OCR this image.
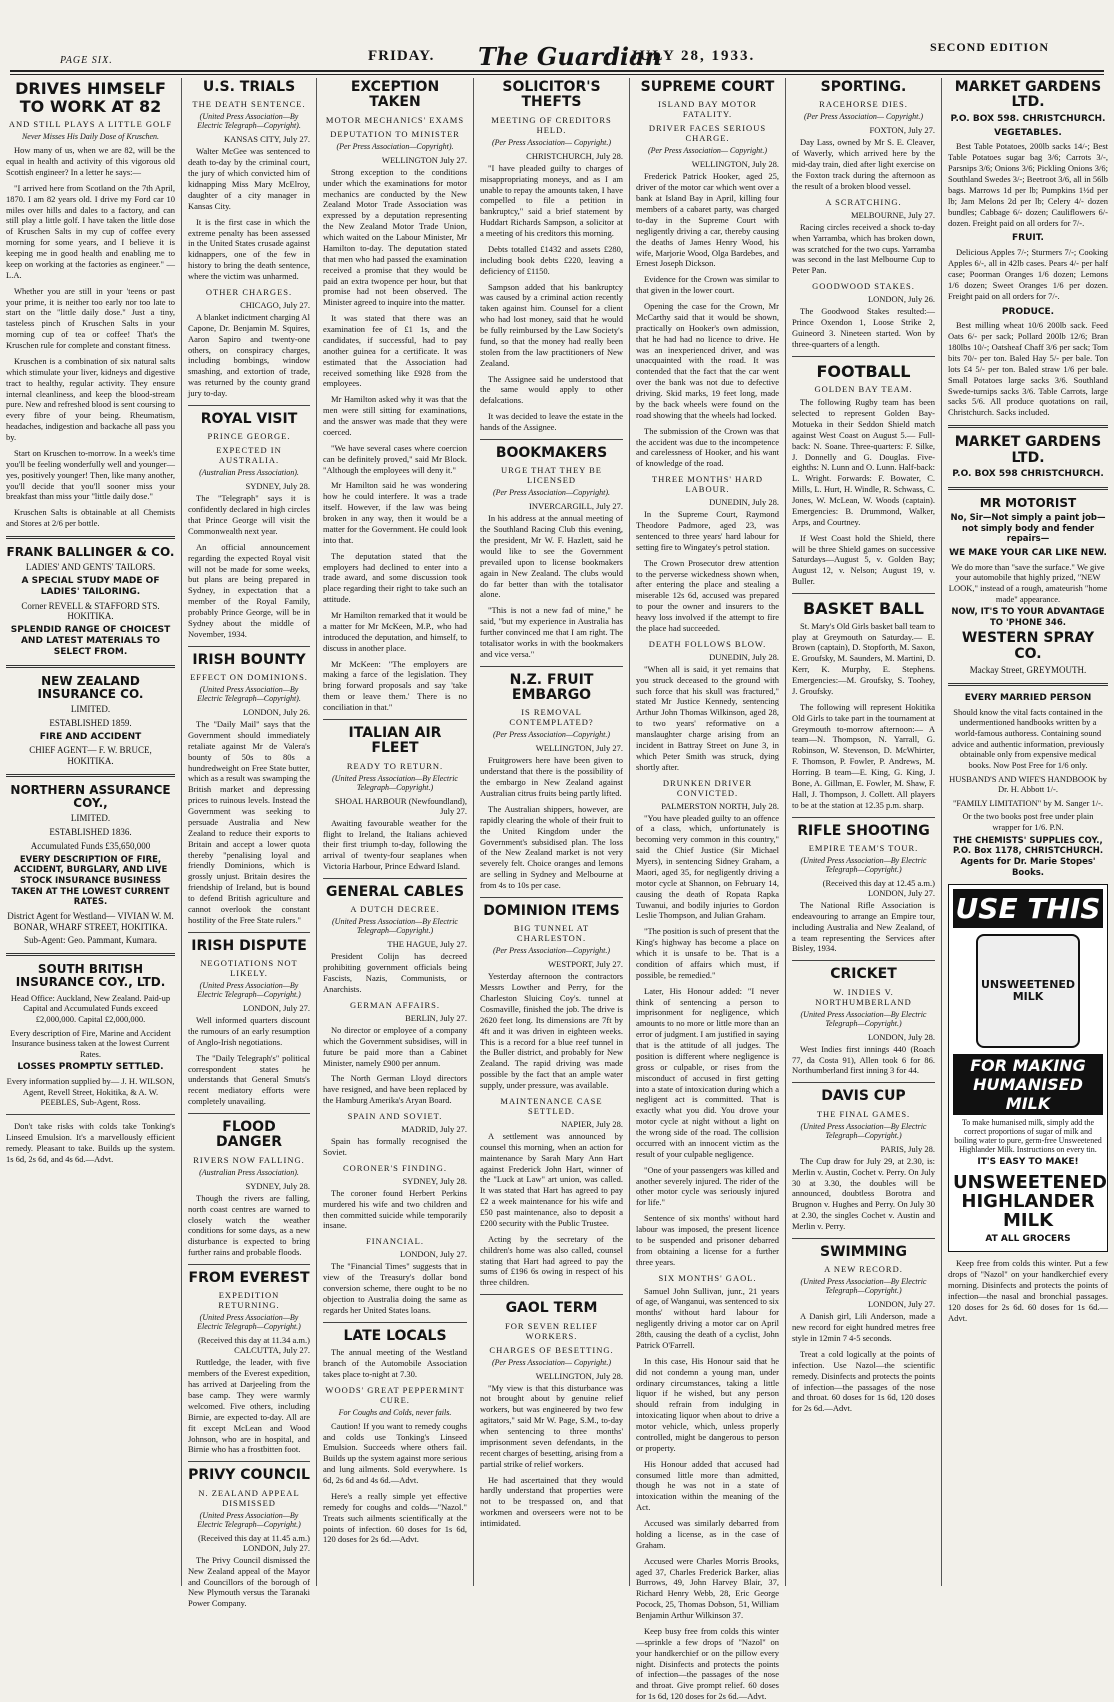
PAGE SIX.	FRIDAY. The Guardian
JULY 28, 1933.
SECOND EDITION
DRIVES HIMSELF TO WORK AT 82
AND STILL PLAYS A LITTLE GOLF
Never Misses His Daily Dose of Kruschen.

How many of us, when we are 82, will be the equal in health and activity of this vigorous old Scottish engineer? In a letter he says:—

"I arrived here from Scotland on the 7th April, 1870. I am 82 years old. I drive my Ford car 10 miles over hills and dales to a factory, and can still play a little golf. I have taken the little dose of Kruschen Salts in my cup of coffee every morning for some years, and I believe it is keeping me in good health and enabling me to keep on working at the factories as engineer." —L.A.

Whether you are still in your 'teens or past your prime, it is neither too early nor too late to start on the "little daily dose." Just a tiny, tasteless pinch of Kruschen Salts in your morning cup of tea or coffee! That's the Kruschen rule for complete and constant fitness.

Kruschen is a combination of six natural salts which stimulate your liver, kidneys and digestive tract to healthy, regular activity. They ensure internal cleanliness, and keep the blood-stream pure. New and refreshed blood is sent coursing to every fibre of your being. Rheumatism, headaches, indigestion and backache all pass you by.

Start on Kruschen to-morrow. In a week's time you'll be feeling wonderfully well and younger—yes, positively younger! Then, like many another, you'll decide that you'll sooner miss your breakfast than miss your "little daily dose."

Kruschen Salts is obtainable at all Chemists and Stores at 2/6 per bottle.

FRANK BALLINGER & CO.
LADIES' AND GENTS' TAILORS.
A SPECIAL STUDY MADE OF LADIES' TAILORING.
Corner REVELL & STAFFORD STS. HOKITIKA.
SPLENDID RANGE OF CHOICEST AND LATEST MATERIALS TO SELECT FROM.
NEW ZEALAND INSURANCE CO.
LIMITED.
ESTABLISHED 1859.
FIRE AND ACCIDENT
CHIEF AGENT— F. W. BRUCE, HOKITIKA.
NORTHERN ASSURANCE COY.,
LIMITED.
ESTABLISHED 1836.
Accumulated Funds £35,650,000
EVERY DESCRIPTION OF FIRE, ACCIDENT, BURGLARY, AND LIVE STOCK INSURANCE BUSINESS TAKEN AT THE LOWEST CURRENT RATES.
District Agent for Westland— VIVIAN W. M. BONAR, WHARF STREET, HOKITIKA.
Sub-Agent: Geo. Pammant, Kumara.
SOUTH BRITISH INSURANCE COY., LTD.
Head Office: Auckland, New Zealand. Paid-up Capital and Accumulated Funds exceed £2,000,000. Capital £2,000,000.
Every description of Fire, Marine and Accident Insurance business taken at the lowest Current Rates.
LOSSES PROMPTLY SETTLED.
Every information supplied by— J. H. WILSON, Agent, Revell Street, Hokitika, & A. W. PEEBLES, Sub-Agent, Ross.

Don't take risks with colds take Tonking's Linseed Emulsion. It's a marvellously efficient remedy. Pleasant to take. Builds up the system. 1s 6d, 2s 6d, and 4s 6d.—Advt.

U.S. TRIALS
THE DEATH SENTENCE.
(United Press Association—By Electric Telegraph—Copyright).
KANSAS CITY, July 27.

Walter McGee was sentenced to death to-day by the criminal court, the jury of which convicted him of kidnapping Miss Mary McElroy, daughter of a city manager in Kansas City.

It is the first case in which the extreme penalty has been assessed in the United States crusade against kidnappers, one of the few in history to bring the death sentence, where the victim was unharmed.

OTHER CHARGES.
CHICAGO, July 27.

A blanket indictment charging Al Capone, Dr. Benjamin M. Squires, Aaron Sapiro and twenty-one others, on conspiracy charges, including bombings, window smashing, and extortion of trade, was returned by the county grand jury to-day.

ROYAL VISIT
PRINCE GEORGE.
EXPECTED IN AUSTRALIA.
(Australian Press Association).
SYDNEY, July 28.

The "Telegraph" says it is confidently declared in high circles that Prince George will visit the Commonwealth next year.

An official announcement regarding the expected Royal visit will not be made for some weeks, but plans are being prepared in Sydney, in expectation that a member of the Royal Family, probably Prince George, will be in Sydney about the middle of November, 1934.

IRISH BOUNTY
EFFECT ON DOMINIONS.
(United Press Association—By Electric Telegraph—Copyright).
LONDON, July 26.

The "Daily Mail" says that the Government should immediately retaliate against Mr de Valera's bounty of 50s to 80s a hundredweight on Free State butter, which as a result was swamping the British market and depressing prices to ruinous levels. Instead the Government was seeking to persuade Australia and New Zealand to reduce their exports to Britain and accept a lower quota thereby "penalising loyal and friendly Dominions, which is grossly unjust. Britain desires the friendship of Ireland, but is bound to defend British agriculture and cannot overlook the constant hostility of the Free State rulers."

IRISH DISPUTE
NEGOTIATIONS NOT LIKELY.
(United Press Association—By Electric Telegraph—Copyright.)
LONDON, July 27.

Well informed quarters discount the rumours of an early resumption of Anglo-Irish negotiations.

The "Daily Telegraph's" political correspondent states he understands that General Smuts's recent mediatory efforts were completely unavailing.

FLOOD DANGER
RIVERS NOW FALLING.
(Australian Press Association).
SYDNEY, July 28.

Though the rivers are falling, north coast centres are warned to closely watch the weather conditions for some days, as a new disturbance is expected to bring further rains and probable floods.

FROM EVEREST
EXPEDITION RETURNING.
(United Press Association—By Electric Telegraph—Copyright.)
(Received this day at 11.34 a.m.) CALCUTTA, July 27.

Ruttledge, the leader, with five members of the Everest expedition, has arrived at Darjeeling from the base camp. They were warmly welcomed. Five others, including Birnie, are expected to-day. All are fit except McLean and Wood Johnson, who are in hospital, and Birnie who has a frostbitten foot.

PRIVY COUNCIL
N. ZEALAND APPEAL DISMISSED
(United Press Association—By Electric Telegraph—Copyright.)
(Received this day at 11.45 a.m.) LONDON, July 27.

The Privy Council dismissed the New Zealand appeal of the Mayor and Councillors of the borough of New Plymouth versus the Taranaki Power Company.

EXCEPTION TAKEN
MOTOR MECHANICS' EXAMS
DEPUTATION TO MINISTER
(Per Press Association—Copyright).
WELLINGTON July 27.

Strong exception to the conditions under which the examinations for motor mechanics are conducted by the New Zealand Motor Trade Association was expressed by a deputation representing the New Zealand Motor Trade Union, which waited on the Labour Minister, Mr Hamilton to-day. The deputation stated that men who had passed the examination received a promise that they would be paid an extra twopence per hour, but that promise had not been observed. The Minister agreed to inquire into the matter.

It was stated that there was an examination fee of £1 1s, and the candidates, if successful, had to pay another guinea for a certificate. It was estimated that the Association had received something like £928 from the employees.

Mr Hamilton asked why it was that the men were still sitting for examinations, and the answer was made that they were coerced.

"We have several cases where coercion can be definitely proved," said Mr Block. "Although the employees will deny it."

Mr Hamilton said he was wondering how he could interfere. It was a trade itself. However, if the law was being broken in any way, then it would be a matter for the Government. He could look into that.

The deputation stated that the employers had declined to enter into a trade award, and some discussion took place regarding their right to take such an attitude.

Mr Hamilton remarked that it would be a matter for Mr McKeen, M.P., who had introduced the deputation, and himself, to discuss in another place.

Mr McKeen: "The employers are making a farce of the legislation. They bring forward proposals and say 'take them or leave them.' There is no conciliation in that."

ITALIAN AIR FLEET
READY TO RETURN.
(United Press Association—By Electric Telegraph—Copyright.)
SHOAL HARBOUR (Newfoundland), July 27.

Awaiting favourable weather for the flight to Ireland, the Italians achieved their first triumph to-day, following the arrival of twenty-four seaplanes when Victoria Harbour, Prince Edward Island.

GENERAL CABLES
A DUTCH DECREE.
(United Press Association—By Electric Telegraph—Copyright.)
THE HAGUE, July 27.

President Colijn has decreed prohibiting government officials being Fascists, Nazis, Communists, or Anarchists.

GERMAN AFFAIRS.
BERLIN, July 27.

No director or employee of a company which the Government subsidises, will in future be paid more than a Cabinet Minister, namely £900 per annum.

The North German Lloyd directors have resigned, and have been replaced by the Hamburg Amerika's Aryan Board.

SPAIN AND SOVIET.
MADRID, July 27.

Spain has formally recognised the Soviet.

CORONER'S FINDING.
SYDNEY, July 28.

The coroner found Herbert Perkins murdered his wife and two children and then committed suicide while temporarily insane.

FINANCIAL.
LONDON, July 27.

The "Financial Times" suggests that in view of the Treasury's dollar bond conversion scheme, there ought to be no objection to Australia doing the same as regards her United States loans.

LATE LOCALS

The annual meeting of the Westland branch of the Automobile Association takes place to-night at 7.30.

WOODS' GREAT PEPPERMINT CURE.
For Coughs and Colds, never fails.

Caution! If you want to remedy coughs and colds use Tonking's Linseed Emulsion. Succeeds where others fail. Builds up the system against more serious and lung ailments. Sold everywhere. 1s 6d, 2s 6d and 4s 6d.—Advt.

Here's a really simple yet effective remedy for coughs and colds—"Nazol." Treats such ailments scientifically at the points of infection. 60 doses for 1s 6d, 120 doses for 2s 6d.—Advt.

SOLICITOR'S THEFTS
MEETING OF CREDITORS HELD.
(Per Press Association— Copyright.)
CHRISTCHURCH, July 28.

"I have pleaded guilty to charges of misappropriating moneys, and as I am unable to repay the amounts taken, I have compelled to file a petition in bankruptcy," said a brief statement by Huddart Richards Sampson, a solicitor at a meeting of his creditors this morning.

Debts totalled £1432 and assets £280, including book debts £220, leaving a deficiency of £1150.

Sampson added that his bankruptcy was caused by a criminal action recently taken against him. Counsel for a client who had lost money, said that he would be fully reimbursed by the Law Society's fund, so that the money had really been stolen from the law practitioners of New Zealand.

The Assignee said he understood that the same would apply to other defalcations.

It was decided to leave the estate in the hands of the Assignee.

BOOKMAKERS
URGE THAT THEY BE LICENSED
(Per Press Association—Copyright).
INVERCARGILL, July 27.

In his address at the annual meeting of the Southland Racing Club this evening, the president, Mr W. F. Hazlett, said he would like to see the Government prevailed upon to license bookmakers again in New Zealand. The clubs would do far better than with the totalisator alone.

"This is not a new fad of mine," he said, "but my experience in Australia has further convinced me that I am right. The totalisator works in with the bookmakers and vice versa."

N.Z. FRUIT EMBARGO
IS REMOVAL CONTEMPLATED?
(Per Press Association—Copyright.)
WELLINGTON, July 27.

Fruitgrowers here have been given to understand that there is the possibility of the embargo in New Zealand against Australian citrus fruits being partly lifted.

The Australian shippers, however, are rapidly clearing the whole of their fruit to the United Kingdom under the Government's subsidised plan. The loss of the New Zealand market is not very severely felt. Choice oranges and lemons are selling in Sydney and Melbourne at from 4s to 10s per case.

DOMINION ITEMS
BIG TUNNEL AT CHARLESTON.
(Per Press Association—Copyright.)
WESTPORT, July 27.

Yesterday afternoon the contractors Messrs Lowther and Perry, for the Charleston Sluicing Coy's. tunnel at Cosmaville, finished the job. The drive is 2620 feet long. Its dimensions are 7ft by 4ft and it was driven in eighteen weeks. This is a record for a blue reef tunnel in the Buller district, and probably for New Zealand. The rapid driving was made possible by the fact that an ample water supply, under pressure, was available.

MAINTENANCE CASE SETTLED.
NAPIER, July 28.

A settlement was announced by counsel this morning, when an action for maintenance by Sarah Mary Ann Hart against Frederick John Hart, winner of the "Luck at Law" art union, was called. It was stated that Hart has agreed to pay £2 a week maintenance for his wife and £50 past maintenance, also to deposit a £200 security with the Public Trustee.

Acting by the secretary of the children's home was also called, counsel stating that Hart had agreed to pay the sums of £196 6s owing in respect of his three children.

GAOL TERM
FOR SEVEN RELIEF WORKERS.
CHARGES OF BESETTING.
(Per Press Association— Copyright.)
WELLINGTON, July 28.

"My view is that this disturbance was not brought about by genuine relief workers, but was engineered by two few agitators," said Mr W. Page, S.M., to-day when sentencing to three months' imprisonment seven defendants, in the recent charges of besetting, arising from a partial strike of relief workers.

He had ascertained that they would hardly understand that properties were not to be trespassed on, and that workmen and overseers were not to be intimidated.

SUPREME COURT
ISLAND BAY MOTOR FATALITY.
DRIVER FACES SERIOUS CHARGE.
(Per Press Association— Copyright.)
WELLINGTON, July 28.

Frederick Patrick Hooker, aged 25, driver of the motor car which went over a bank at Island Bay in April, killing four members of a cabaret party, was charged to-day in the Supreme Court with negligently driving a car, thereby causing the deaths of James Henry Wood, his wife, Marjorie Wood, Olga Bardebes, and Ernest Joseph Dickson.

Evidence for the Crown was similar to that given in the lower court.

Opening the case for the Crown, Mr McCarthy said that it would be shown, practically on Hooker's own admission, that he had had no licence to drive. He was an inexperienced driver, and was unacquainted with the road. It was contended that the fact that the car went over the bank was not due to defective driving. Skid marks, 19 feet long, made by the back wheels were found on the road showing that the wheels had locked.

The submission of the Crown was that the accident was due to the incompetence and carelessness of Hooker, and his want of knowledge of the road.

THREE MONTHS' HARD LABOUR.
DUNEDIN, July 28.

In the Supreme Court, Raymond Theodore Padmore, aged 23, was sentenced to three years' hard labour for setting fire to Wingatey's petrol station.

The Crown Prosecutor drew attention to the perverse wickedness shown when, after entering the place and stealing a miserable 12s 6d, accused was prepared to pour the owner and insurers to the heavy loss involved if the attempt to fire the place had succeeded.

DEATH FOLLOWS BLOW.
DUNEDIN, July 28.

"When all is said, it yet remains that you struck deceased to the ground with such force that his skull was fractured," stated Mr Justice Kennedy, sentencing Arthur John Thomas Wilkinson, aged 28, to two years' reformative on a manslaughter charge arising from an incident in Battray Street on June 3, in which Peter Smith was struck, dying shortly after.

DRUNKEN DRIVER CONVICTED.
PALMERSTON NORTH, July 28.

"You have pleaded guilty to an offence of a class, which, unfortunately is becoming very common in this country," said the Chief Justice (Sir Michael Myers), in sentencing Sidney Graham, a Maori, aged 35, for negligently driving a motor cycle at Shannon, on February 14, causing the death of Ropata Rapka Tuwanui, and bodily injuries to Gordon Leslie Thompson, and Julian Graham.

"The position is such of present that the King's highway has become a place on which it is unsafe to be. That is a condition of affairs which must, if possible, be remedied."

Later, His Honour added: "I never think of sentencing a person to imprisonment for negligence, which amounts to no more or little more than an error of judgment. I am justified in saying that is the attitude of all judges. The position is different where negligence is gross or culpable, or rises from the misconduct of accused in first getting into a state of intoxication during which a negligent act is committed. That is exactly what you did. You drove your motor cycle at night without a light on the wrong side of the road. The collision occurred with an innocent victim as the result of your culpable negligence.

"One of your passengers was killed and another severely injured. The rider of the other motor cycle was seriously injured for life."

Sentence of six months' without hard labour was imposed, the present licence to be suspended and prisoner debarred from obtaining a license for a further three years.

SIX MONTHS' GAOL.

Samuel John Sullivan, junr., 21 years of age, of Wanganui, was sentenced to six months' without hard labour for negligently driving a motor car on April 28th, causing the death of a cyclist, John Patrick O'Farrell.

In this case, His Honour said that he did not condemn a young man, under ordinary circumstances, taking a little liquor if he wished, but any person should refrain from indulging in intoxicating liquor when about to drive a motor vehicle, which, unless properly controlled, might be dangerous to person or property.

His Honour added that accused had consumed little more than admitted, though he was not in a state of intoxication within the meaning of the Act.

Accused was similarly debarred from holding a license, as in the case of Graham.

Accused were Charles Morris Brooks, aged 37, Charles Frederick Barker, alias Burrows, 49, John Harvey Blair, 37, Richard Henry Webb, 28, Eric George Pocock, 25, Thomas Dobson, 51, William Benjamin Arthur Wilkinson 37.

Keep busy free from colds this winter—sprinkle a few drops of "Nazol" on your handkerchief or on the pillow every night. Disinfects and protects the points of infection—the passages of the nose and throat. Give prompt relief. 60 doses for 1s 6d, 120 doses for 2s 6d.—Advt.

SPORTING.
RACEHORSE DIES.
(Per Press Association— Copyright.)
FOXTON, July 27.

Day Lass, owned by Mr S. E. Cleaver, of Waverly, which arrived here by the mid-day train, died after light exercise on the Foxton track during the afternoon as the result of a broken blood vessel.

A SCRATCHING.
MELBOURNE, July 27.

Racing circles received a shock to-day when Yarramba, which has broken down, was scratched for the two cups. Yarramba was second in the last Melbourne Cup to Peter Pan.

GOODWOOD STAKES.
LONDON, July 26.

The Goodwood Stakes resulted:— Prince Oxendon 1, Loose Strike 2, Guineord 3. Nineteen started. Won by three-quarters of a length.

FOOTBALL
GOLDEN BAY TEAM.

The following Rugby team has been selected to represent Golden Bay-Motueka in their Seddon Shield match against West Coast on August 5.— Full-back: N. Soane. Three-quarters: F. Silke, J. Donnelly and G. Douglas. Five-eighths: N. Lunn and O. Lunn. Half-back: L. Wright. Forwards: F. Bowater, C. Mills, L. Hurt, H. Windle, R. Schwass, C. Jones, W. McLean, W. Woods (captain). Emergencies: B. Drummond, Walker, Arps, and Courtney.

If West Coast hold the Shield, there will be three Shield games on successive Saturdays—August 5, v. Golden Bay; August 12, v. Nelson; August 19, v. Buller.

BASKET BALL

St. Mary's Old Girls basket ball team to play at Greymouth on Saturday.— E. Brown (captain), D. Stopforth, M. Saxon, E. Groufsky, M. Saunders, M. Martini, D. Kerr, K. Murphy, E. Stephens. Emergencies:—M. Groufsky, S. Toohey, J. Groufsky.

The following will represent Hokitika Old Girls to take part in the tournament at Greymouth to-morrow afternoon:— A team—N. Thompson, N. Yarrall, G. Robinson, W. Stevenson, D. McWhirter, F. Thomson, P. Fowler, P. Andrews, M. Horring. B team—E. King, G. King, J. Bone, A. Gillman, E. Fowler, M. Shaw, F. Hall, J. Thompson, J. Collett. All players to be at the station at 12.35 p.m. sharp.

RIFLE SHOOTING
EMPIRE TEAM'S TOUR.
(United Press Association—By Electric Telegraph—Copyright.)
(Received this day at 12.45 a.m.) LONDON, July 27.

The National Rifle Association is endeavouring to arrange an Empire tour, including Australia and New Zealand, of a team representing the Services after Bisley, 1934.

CRICKET
W. INDIES V. NORTHUMBERLAND
(United Press Association—By Electric Telegraph—Copyright.)
LONDON, July 28.

West Indies first innings 440 (Roach 77, da Costa 91), Allen took 6 for 86. Northumberland first inning 3 for 44.

DAVIS CUP
THE FINAL GAMES.
(United Press Association—By Electric Telegraph—Copyright.)
PARIS, July 28.

The Cup draw for July 29, at 2.30, is: Merlin v. Austin, Cochet v. Perry. On July 30 at 3.30, the doubles will be announced, doubtless Borotra and Brugnon v. Hughes and Perry. On July 30 at 2.30, the singles Cochet v. Austin and Merlin v. Perry.

SWIMMING
A NEW RECORD.
(United Press Association—By Electric Telegraph—Copyright.)
LONDON, July 27.

A Danish girl, Lili Anderson, made a new record for eight hundred metres free style in 12min 7 4-5 seconds.

Treat a cold logically at the points of infection. Use Nazol—the scientific remedy. Disinfects and protects the points of infection—the passages of the nose and throat. 60 doses for 1s 6d, 120 doses for 2s 6d.—Advt.

MARKET GARDENS LTD.
P.O. BOX 598. CHRISTCHURCH.
VEGETABLES.

Best Table Potatoes, 200lb sacks 14/-; Best Table Potatoes sugar bag 3/6; Carrots 3/-, Parsnips 3/6; Onions 3/6; Pickling Onions 3/6; Southland Swedes 3/-; Beetroot 3/6, all in 56lb bags. Marrows 1d per lb; Pumpkins 1½d per lb; Jam Melons 2d per lb; Celery 4/- dozen bundles; Cabbage 6/- dozen; Cauliflowers 6/- dozen. Freight paid on all orders for 7/-.

FRUIT.

Delicious Apples 7/-; Sturmers 7/-; Cooking Apples 6/-, all in 42lb cases. Pears 4/- per half case; Poorman Oranges 1/6 dozen; Lemons 1/6 dozen; Sweet Oranges 1/6 per dozen. Freight paid on all orders for 7/-.

PRODUCE.

Best milling wheat 10/6 200lb sack. Feed Oats 6/- per sack; Pollard 200lb 12/6; Bran 180lbs 10/-; Oatsheaf Chaff 3/6 per sack; Tom bits 70/- per ton. Baled Hay 5/- per bale. Ton lots £4 5/- per ton. Baled straw 1/6 per bale. Small Potatoes large sacks 3/6. Southland Swede-turnips sacks 3/6. Table Carrots, large sacks 5/6. All produce quotations on rail, Christchurch. Sacks included.

MARKET GARDENS LTD.
P.O. BOX 598 CHRISTCHURCH.
MR MOTORIST
No, Sir—Not simply a paint job—not simply body and fender repairs—
WE MAKE YOUR CAR LIKE NEW.
We do more than "save the surface." We give your automobile that highly prized, "NEW LOOK," instead of a rough, amateurish "home made" appearance.
NOW, IT'S TO YOUR ADVANTAGE TO 'PHONE 346.
WESTERN SPRAY CO.
Mackay Street, GREYMOUTH.
EVERY MARRIED PERSON
Should know the vital facts contained in the undermentioned handbooks written by a world-famous authoress. Containing sound advice and authentic information, previously obtainable only from expensive medical books. Now Post Free for 1/6 only.
HUSBAND'S AND WIFE'S HANDBOOK by Dr. H. Abbott 1/-.
"FAMILY LIMITATION" by M. Sanger 1/-.
Or the two books post free under plain wrapper for 1/6. P.N.
THE CHEMISTS' SUPPLIES COY., P.O. Box 1178, CHRISTCHURCH. Agents for Dr. Marie Stopes' Books.
USE THIS
UNSWEETENED MILK
FOR MAKING HUMANISED MILK
To make humanised milk, simply add the correct proportions of sugar of milk and boiling water to pure, germ-free Unsweetened Highlander Milk. Instructions on every tin.
IT'S EASY TO MAKE!
UNSWEETENED HIGHLANDER MILK
AT ALL GROCERS

Keep free from colds this winter. Put a few drops of "Nazol" on your handkerchief every morning. Disinfects and protects the points of infection—the nasal and bronchial passages. 120 doses for 2s 6d. 60 doses for 1s 6d.—Advt.
